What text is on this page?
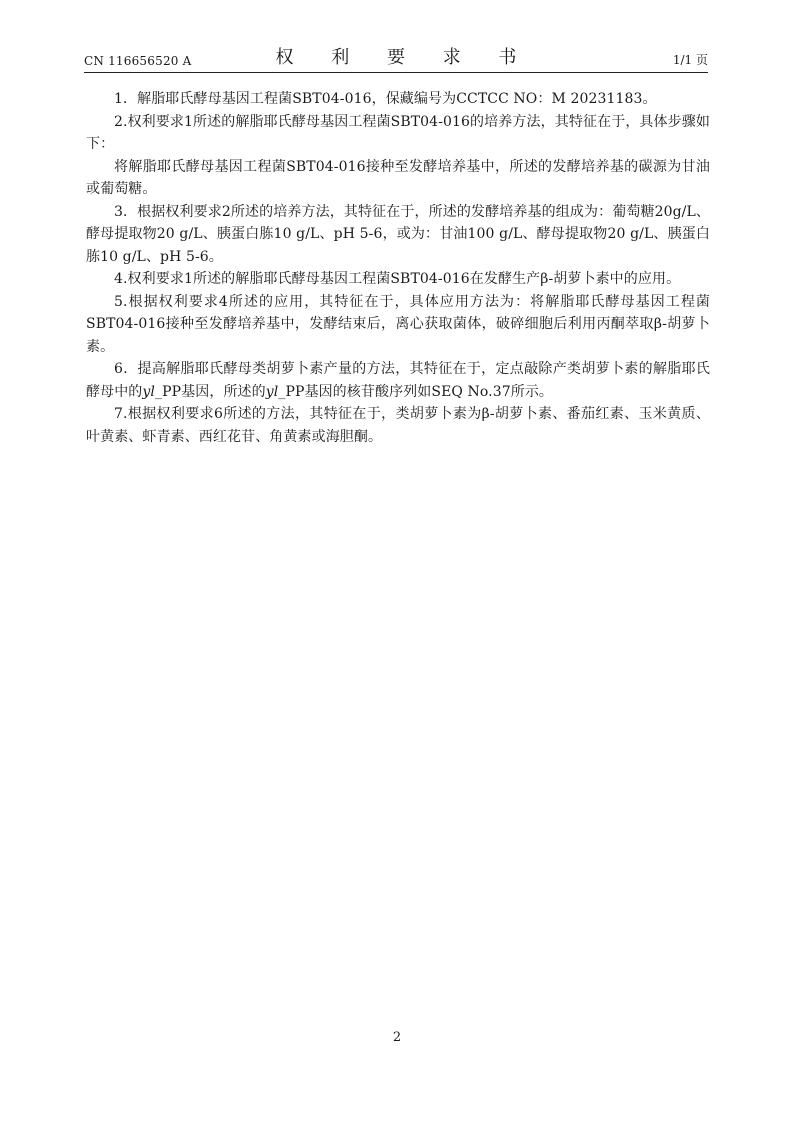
CN 116656520 A	权 利 要 求 书	1/1 页

1．解脂耶氏酵母基因工程菌SBT04-016，保藏编号为CCTCC NO：M 20231183。

2.权利要求1所述的解脂耶氏酵母基因工程菌SBT04-016的培养方法，其特征在于，具体步骤如下：

将解脂耶氏酵母基因工程菌SBT04-016接种至发酵培养基中，所述的发酵培养基的碳源为甘油或葡萄糖。

3．根据权利要求2所述的培养方法，其特征在于，所述的发酵培养基的组成为：葡萄糖20g/L、酵母提取物20 g/L、胰蛋白胨10 g/L、pH 5-6，或为：甘油100 g/L、酵母提取物20 g/L、胰蛋白胨10 g/L、pH 5-6。

4.权利要求1所述的解脂耶氏酵母基因工程菌SBT04-016在发酵生产β-胡萝卜素中的应用。

5.根据权利要求4所述的应用，其特征在于，具体应用方法为：将解脂耶氏酵母基因工程菌SBT04-016接种至发酵培养基中，发酵结束后，离心获取菌体，破碎细胞后利用丙酮萃取β-胡萝卜素。

6．提高解脂耶氏酵母类胡萝卜素产量的方法，其特征在于，定点敲除产类胡萝卜素的解脂耶氏酵母中的yl_PP基因，所述的yl_PP基因的核苷酸序列如SEQ No.37所示。

7.根据权利要求6所述的方法，其特征在于，类胡萝卜素为β-胡萝卜素、番茄红素、玉米黄质、叶黄素、虾青素、西红花苷、角黄素或海胆酮。

2
